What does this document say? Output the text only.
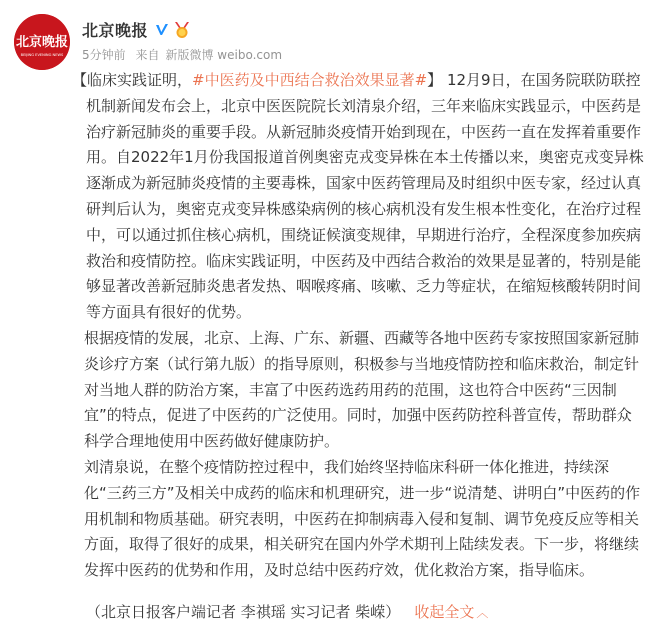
北京晚报
BEIJING EVENING NEWS
北京晚报
5分钟前 来自 新版微博 weibo.com

【临床实践证明，#中医药及中西结合救治效果显著#】 12月9日，在国务院联防联控机制新闻发布会上，北京中医医院院长刘清泉介绍，三年来临床实践显示，中医药是治疗新冠肺炎的重要手段。从新冠肺炎疫情开始到现在，中医药一直在发挥着重要作用。自2022年1月份我国报道首例奥密克戎变异株在本土传播以来，奥密克戎变异株逐渐成为新冠肺炎疫情的主要毒株，国家中医药管理局及时组织中医专家，经过认真研判后认为，奥密克戎变异株感染病例的核心病机没有发生根本性变化，在治疗过程中，可以通过抓住核心病机，围绕证候演变规律，早期进行治疗，全程深度参加疾病救治和疫情防控。临床实践证明，中医药及中西结合救治的效果是显著的，特别是能够显著改善新冠肺炎患者发热、咽喉疼痛、咳嗽、乏力等症状，在缩短核酸转阴时间等方面具有很好的优势。

根据疫情的发展，北京、上海、广东、新疆、西藏等各地中医药专家按照国家新冠肺炎诊疗方案（试行第九版）的指导原则，积极参与当地疫情防控和临床救治，制定针对当地人群的防治方案，丰富了中医药选药用药的范围，这也符合中医药“三因制宜”的特点，促进了中医药的广泛使用。同时，加强中医药防控科普宣传，帮助群众科学合理地使用中医药做好健康防护。

刘清泉说，在整个疫情防控过程中，我们始终坚持临床科研一体化推进，持续深化“三药三方”及相关中成药的临床和机理研究，进一步“说清楚、讲明白”中医药的作用机制和物质基础。研究表明，中医药在抑制病毒入侵和复制、调节免疫反应等相关方面，取得了很好的成果，相关研究在国内外学术期刊上陆续发表。下一步，将继续发挥中医药的优势和作用，及时总结中医药疗效，优化救治方案，指导临床。

（北京日报客户端记者 李祺瑶 实习记者 柴嵘） 收起全文 ︿
